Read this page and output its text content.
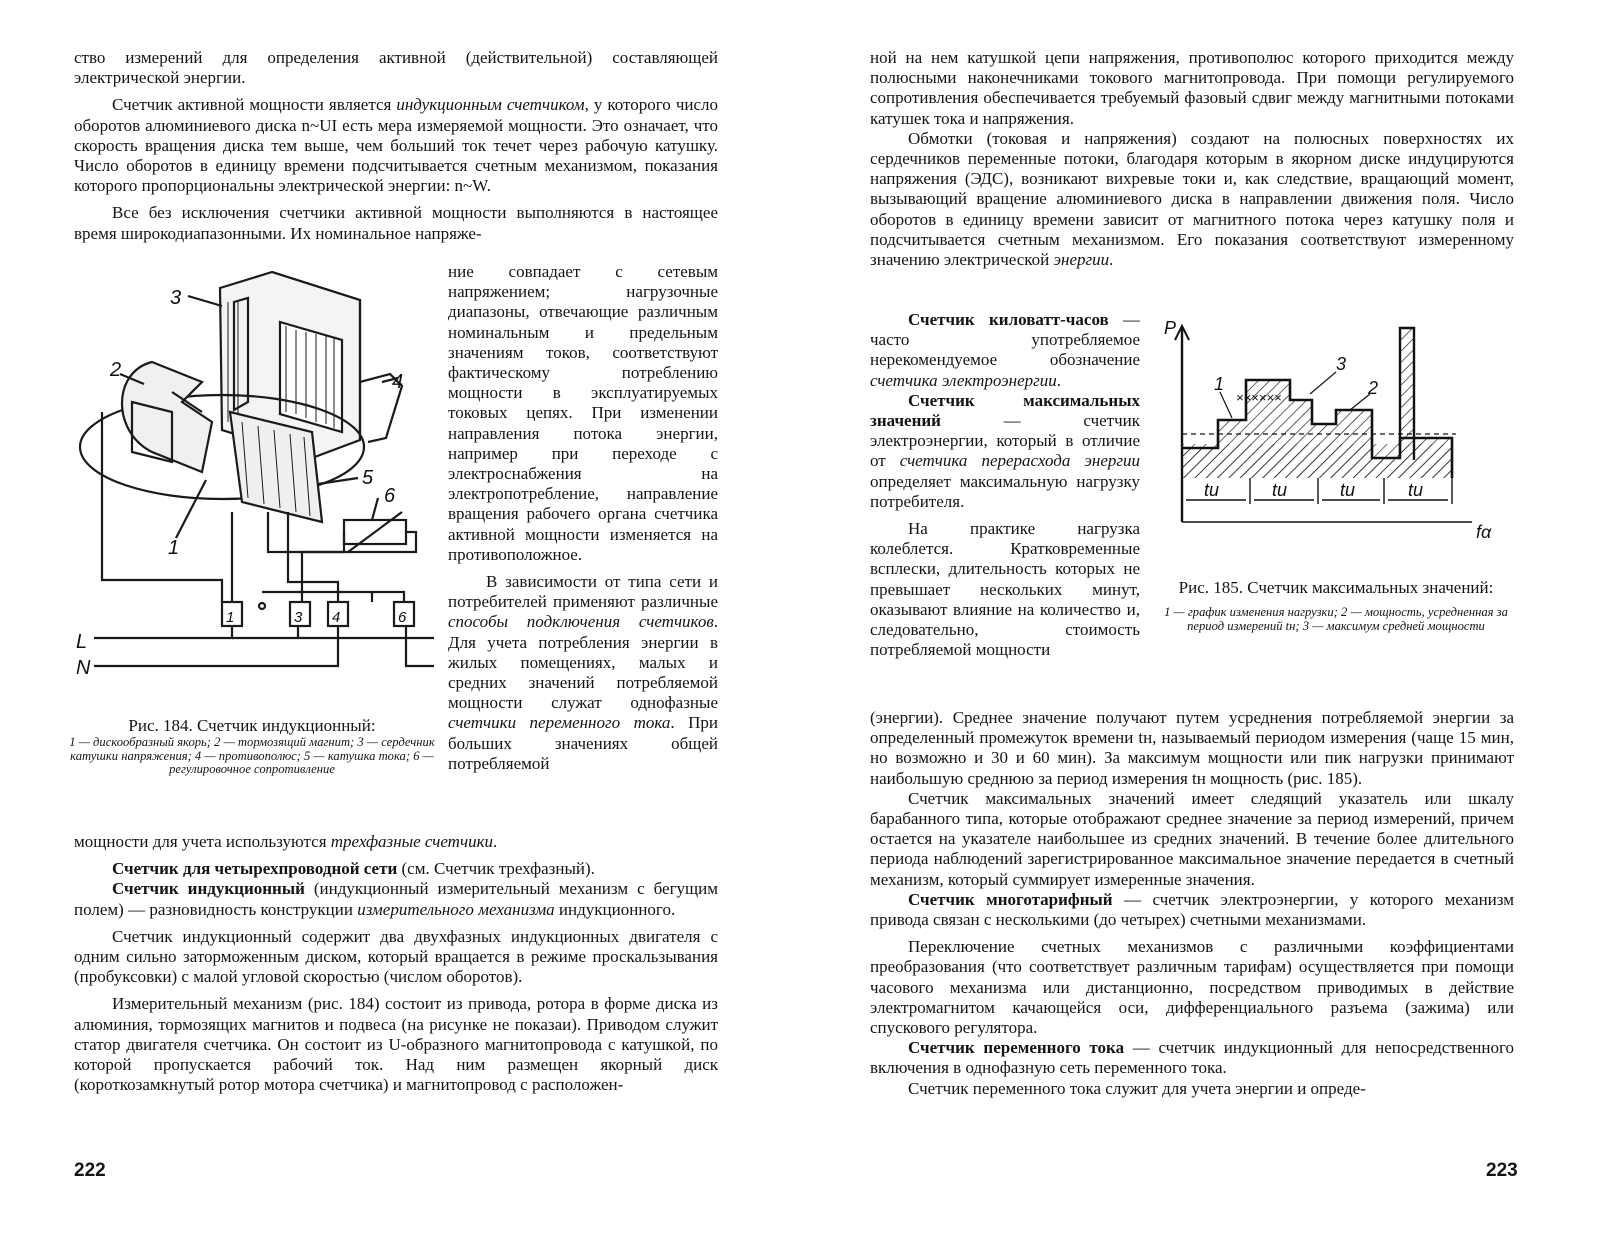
ство измерений для определения активной (действительной) составляющей электрической энергии.

Счетчик активной мощности является индукционным счетчиком, у которого число оборотов алюминиевого диска n~UI есть мера измеряемой мощности. Это означает, что скорость вращения диска тем выше, чем больший ток течет через рабочую катушку. Число оборотов в единицу времени подсчитывается счетным механизмом, показания которого пропорциональны электрической энергии: n~W.

Все без исключения счетчики активной мощности выполняются в настоящее время широкодиапазонными. Их номинальное напряже-

3
2
4
5
6
1
L
N
1	3 4	6
Рис. 184. Счетчик индукционный:
1 — дискообразный якорь; 2 — тормозящий магнит; 3 — сердечник катушки напряжения; 4 — противополюс; 5 — катушка тока; 6 — регулировочное сопротивление

ние совпадает с сетевым напряжением; нагрузочные диапазоны, отвечающие различным номинальным и предельным значениям токов, соответствуют фактическому потреблению мощности в эксплуатируемых токовых цепях. При изменении направления потока энергии, например при переходе с электроснабжения на электропотребление, направление вращения рабочего органа счетчика активной мощности изменяется на противоположное.

В зависимости от типа сети и потребителей применяют различные способы подключения счетчиков. Для учета потребления энергии в жилых помещениях, малых и средних значений потребляемой мощности служат однофазные счетчики переменного тока. При больших значениях общей потребляемой

мощности для учета используются трехфазные счетчики.

Счетчик для четырехпроводной сети (см. Счетчик трехфазный).

Счетчик индукционный (индукционный измерительный механизм с бегущим полем) — разновидность конструкции измерительного механизма индукционного.

Счетчик индукционный содержит два двухфазных индукционных двигателя с одним сильно заторможенным диском, который вращается в режиме проскальзывания (пробуксовки) с малой угловой скоростью (числом оборотов).

Измерительный механизм (рис. 184) состоит из привода, ротора в форме диска из алюминия, тормозящих магнитов и подвеса (на рисунке не показаи). Приводом служит статор двигателя счетчика. Он состоит из U-образного магнитопровода с катушкой, по которой пропускается рабочий ток. Над ним размещен якорный диск (короткозамкнутый ротор мотора счетчика) и магнитопровод с расположен-

222

ной на нем катушкой цепи напряжения, противополюс которого приходится между полюсными наконечниками токового магнитопровода. При помощи регулируемого сопротивления обеспечивается требуемый фазовый сдвиг между магнитными потоками катушек тока и напряжения.

Обмотки (токовая и напряжения) создают на полюсных поверхностях их сердечников переменные потоки, благодаря которым в якорном диске индуцируются напряжения (ЭДС), возникают вихревые токи и, как следствие, вращающий момент, вызывающий вращение алюминиевого диска в направлении движения поля. Число оборотов в единицу времени зависит от магнитного потока через катушку поля и подсчитывается счетным механизмом. Его показания соответствуют измеренному значению электрической энергии.

Счетчик киловатт-часов — часто употребляемое нерекомендуемое обозначение счетчика электроэнергии.

Счетчик максимальных значений — счетчик электроэнергии, который в отличие от счетчика перерасхода энергии определяет максимальную нагрузку потребителя.

На практике нагрузка колеблется. Кратковременные всплески, длительность которых не превышает нескольких минут, оказывают влияние на количество и, следовательно, стоимость потребляемой мощности

××××××
P
fα
1	2
3
tu	tu	tu	tu
Рис. 185. Счетчик максимальных значений:
1 — график изменения нагрузки; 2 — мощность, усредненная за период измерений tн; 3 — максимум средней мощности

(энергии). Среднее значение получают путем усреднения потребляемой энергии за определенный промежуток времени tн, называемый периодом измерения (чаще 15 мин, но возможно и 30 и 60 мин). За максимум мощности или пик нагрузки принимают наибольшую среднюю за период измерения tн мощность (рис. 185).

Счетчик максимальных значений имеет следящий указатель или шкалу барабанного типа, которые отображают среднее значение за период измерений, причем остается на указателе наибольшее из средних значений. В течение более длительного периода наблюдений зарегистрированное максимальное значение передается в счетный механизм, который суммирует измеренные значения.

Счетчик многотарифный — счетчик электроэнергии, у которого механизм привода связан с несколькими (до четырех) счетными механизмами.

Переключение счетных механизмов с различными коэффициентами преобразования (что соответствует различным тарифам) осуществляется при помощи часового механизма или дистанционно, посредством приводимых в действие электромагнитом качающейся оси, дифференциального разъема (зажима) или спускового регулятора.

Счетчик переменного тока — счетчик индукционный для непосредственного включения в однофазную сеть переменного тока.

Счетчик переменного тока служит для учета энергии и опреде-

223
